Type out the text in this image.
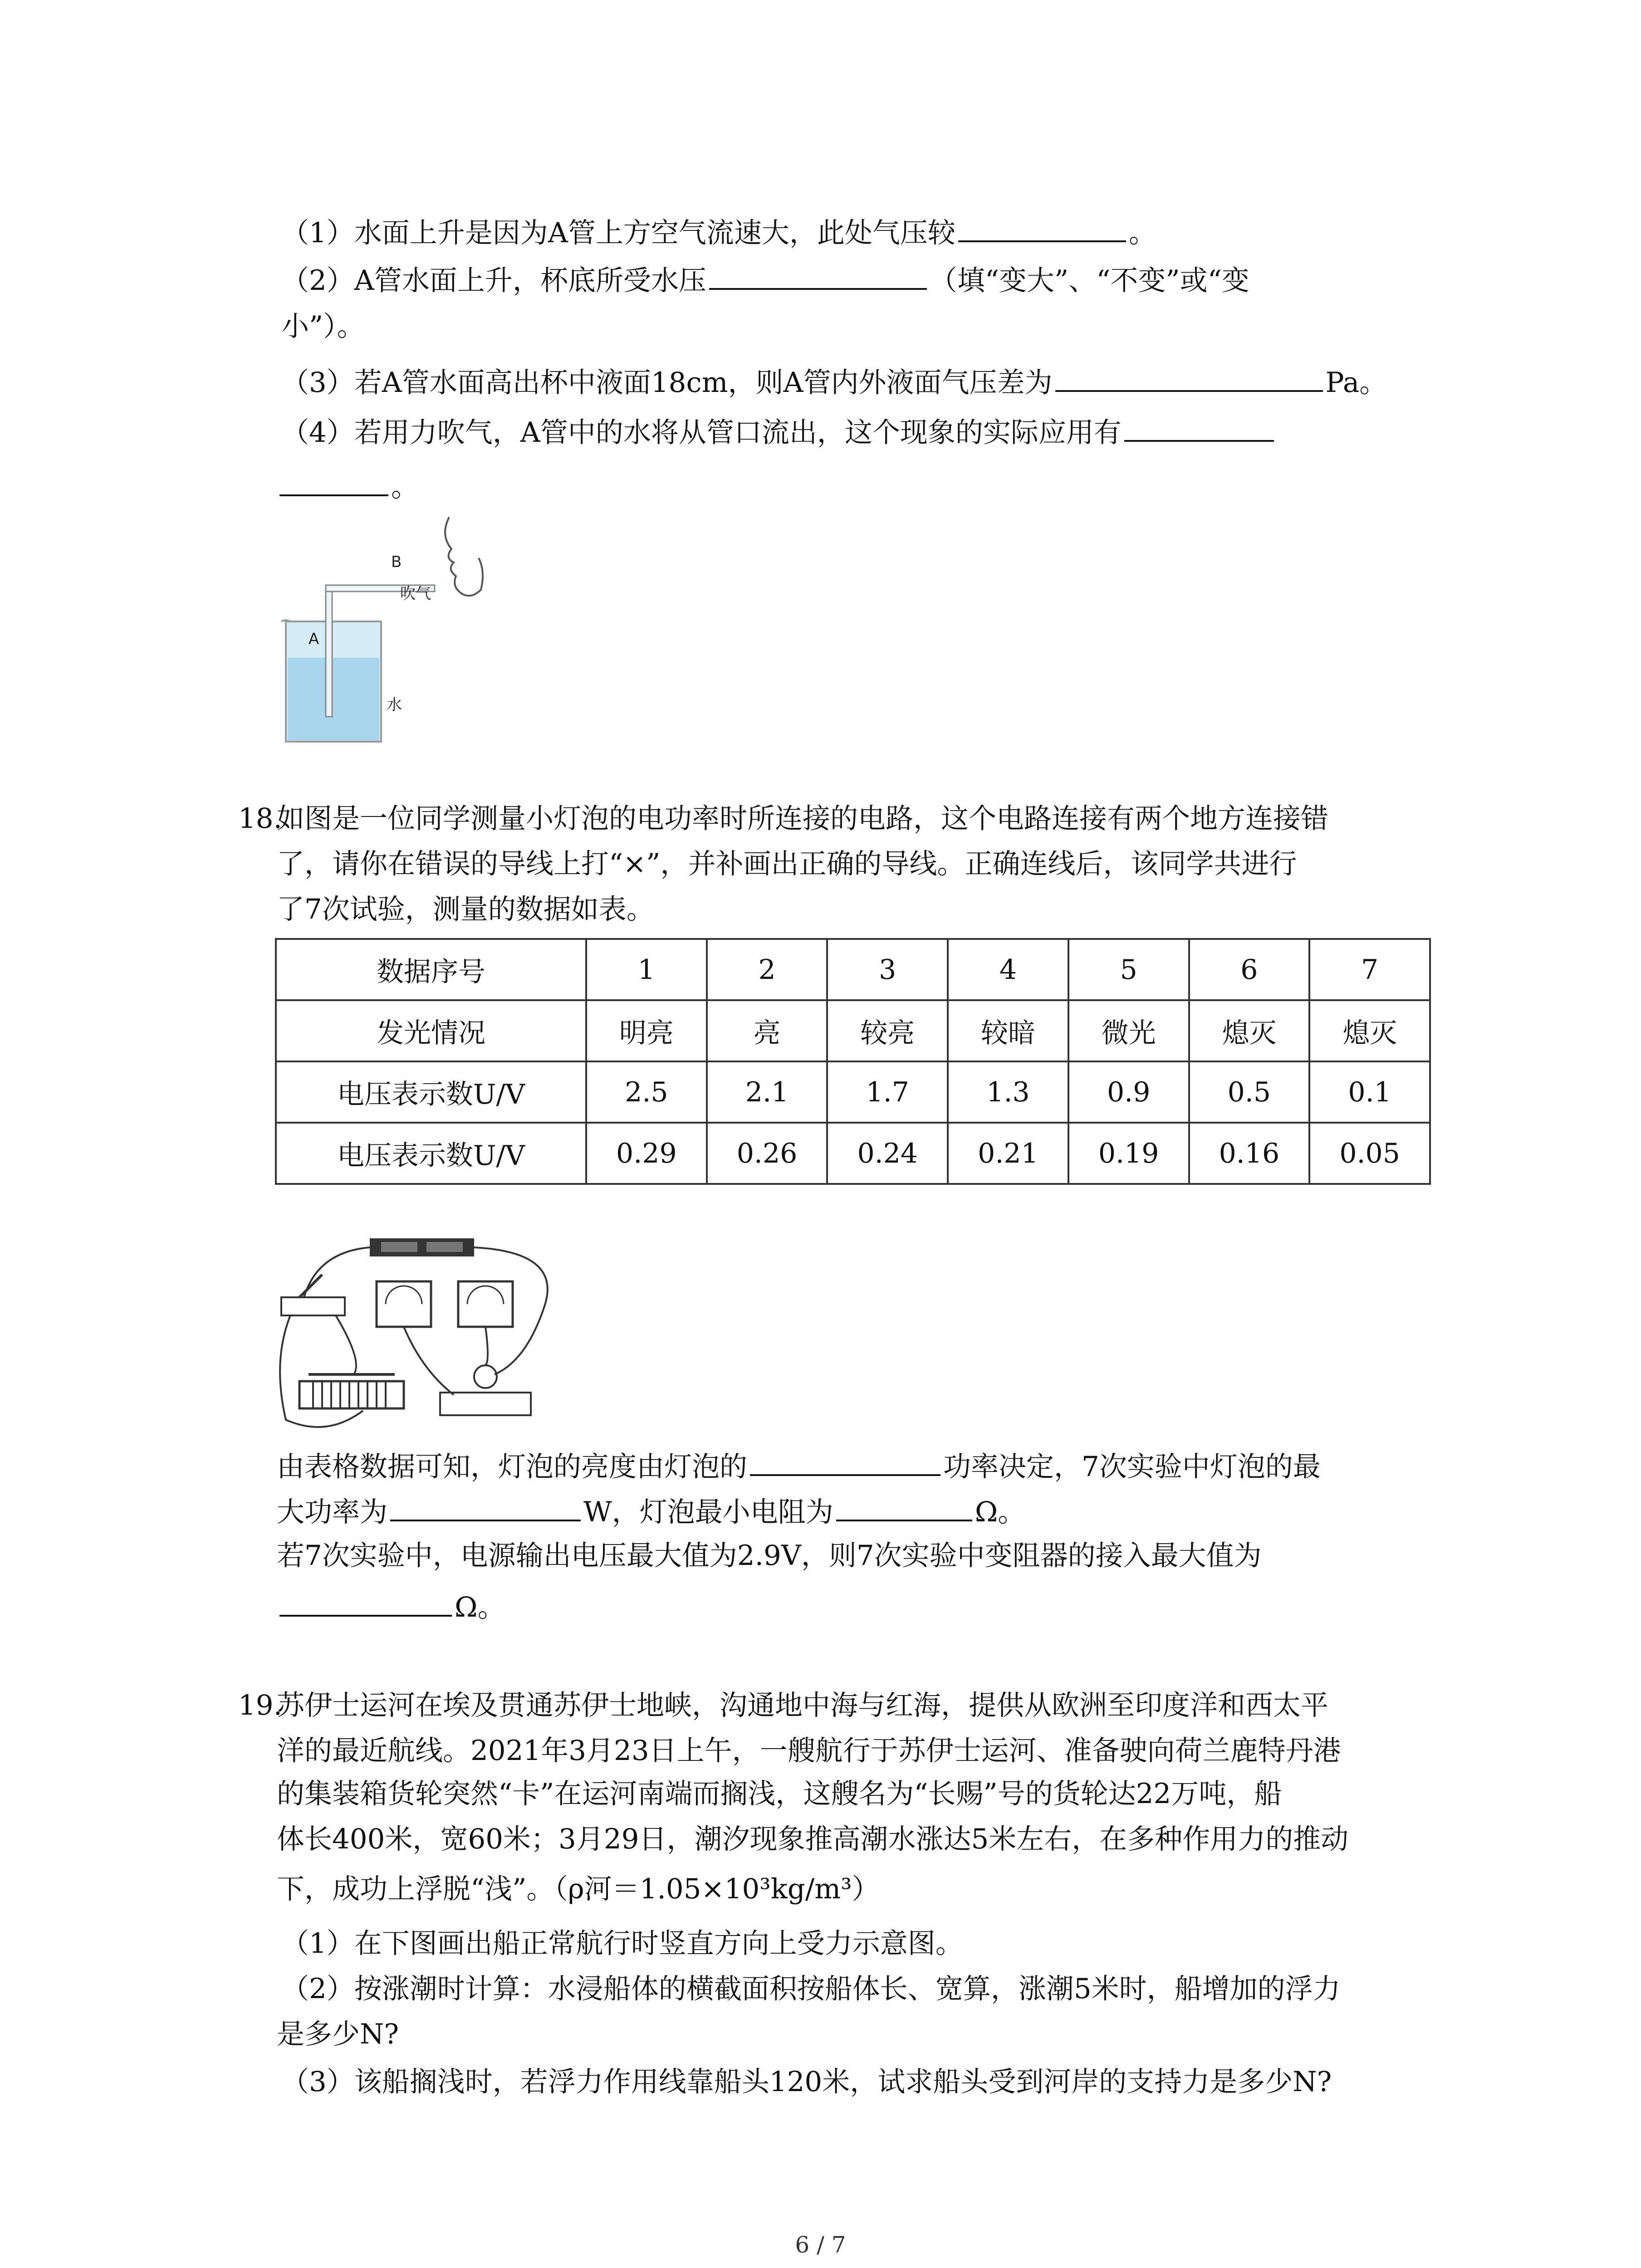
（1）水面上升是因为A管上方空气流速大，此处气压较	。
（2）A管水面上升，杯底所受水压	（填“变大”、“不变”或“变
小”）。
（3）若A管水面高出杯中液面18cm，则A管内外液面气压差为	Pa。
（4）若用力吹气，A管中的水将从管口流出，这个现象的实际应用有
。
B
吹气
A
水
18.
如图是一位同学测量小灯泡的电功率时所连接的电路，这个电路连接有两个地方连接错
了，请你在错误的导线上打“×”，并补画出正确的导线。正确连线后，该同学共进行
了7次试验，测量的数据如表。
数据序号	1	2	3	4	5	6	7
发光情况	明亮	亮	较亮	较暗	微光	熄灭	熄灭
电压表示数U/V	2.5	2.1	1.7	1.3	0.9	0.5	0.1
电压表示数U/V	0.29	0.26	0.24	0.21	0.19	0.16	0.05
由表格数据可知，灯泡的亮度由灯泡的	功率决定，7次实验中灯泡的最
大功率为	W，灯泡最小电阻为	Ω。
若7次实验中，电源输出电压最大值为2.9V，则7次实验中变阻器的接入最大值为
Ω。
19.
苏伊士运河在埃及贯通苏伊士地峡，沟通地中海与红海，提供从欧洲至印度洋和西太平
洋的最近航线。2021年3月23日上午，一艘航行于苏伊士运河、准备驶向荷兰鹿特丹港
的集装箱货轮突然“卡”在运河南端而搁浅，这艘名为“长赐”号的货轮达22万吨，船
体长400米，宽60米；3月29日，潮汐现象推高潮水涨达5米左右，在多种作用力的推动
下，成功上浮脱“浅”。（ρ河＝1.05×10³kg/m³）
（1）在下图画出船正常航行时竖直方向上受力示意图。
（2）按涨潮时计算：水浸船体的横截面积按船体长、宽算，涨潮5米时，船增加的浮力
是多少N?
（3）该船搁浅时，若浮力作用线靠船头120米，试求船头受到河岸的支持力是多少N?
6 / 7
